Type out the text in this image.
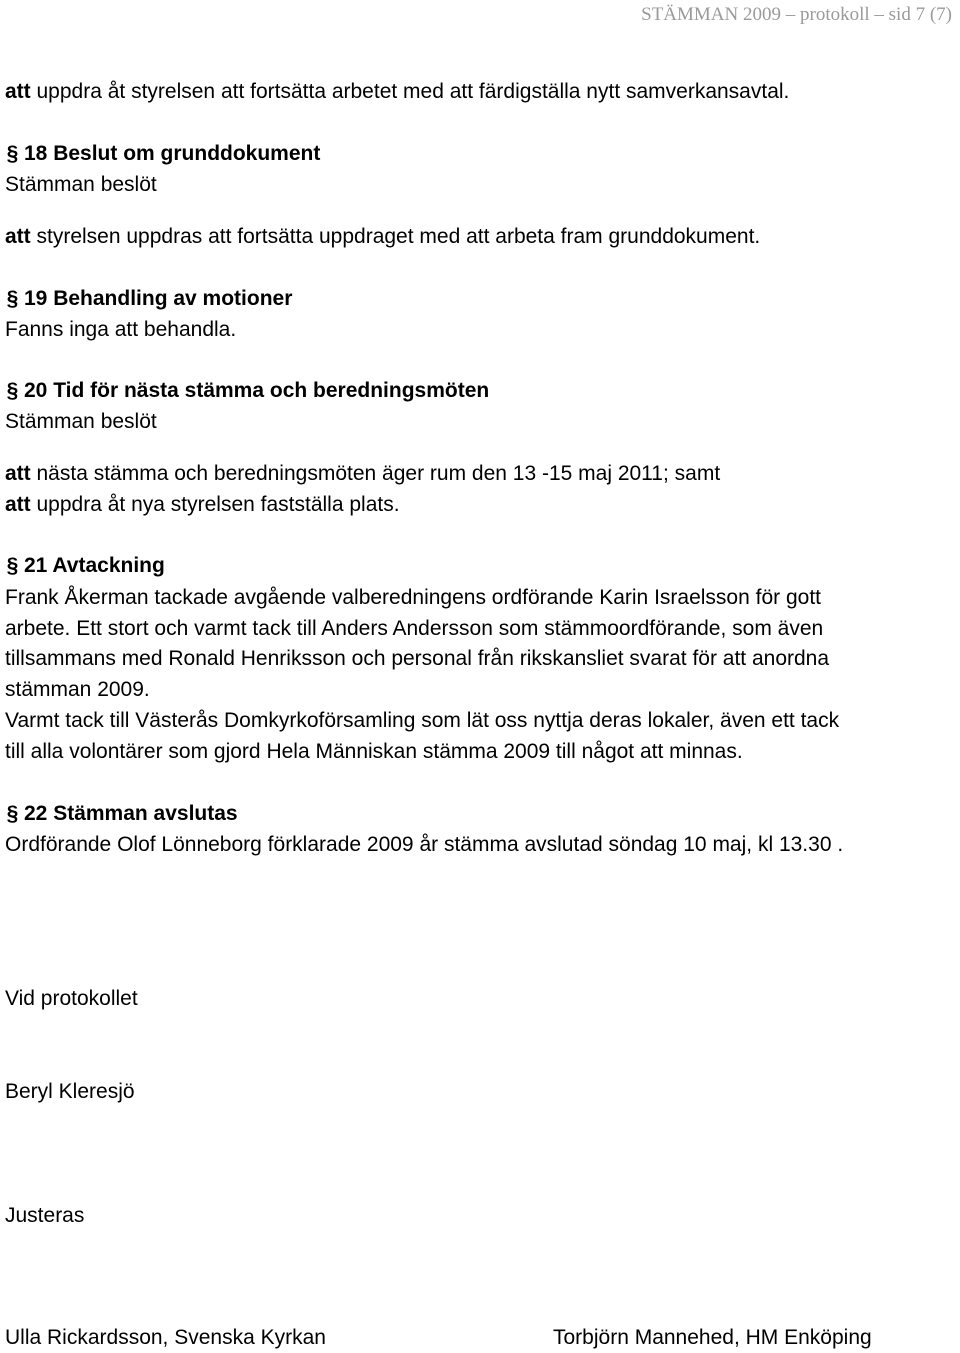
STÄMMAN 2009 – protokoll – sid 7 (7)
att uppdra åt styrelsen att fortsätta arbetet med att färdigställa nytt samverkansavtal.
§ 18 Beslut om grunddokument
Stämman beslöt
att styrelsen uppdras att fortsätta uppdraget med att arbeta fram grunddokument.
§ 19 Behandling av motioner
Fanns inga att behandla.
§ 20 Tid för nästa stämma och beredningsmöten
Stämman beslöt
att nästa stämma och beredningsmöten äger rum den 13 -15 maj 2011; samt
att uppdra åt nya styrelsen fastställa plats.
§ 21 Avtackning
Frank Åkerman tackade avgående valberedningens ordförande Karin Israelsson för gott
arbete. Ett stort och varmt tack till Anders Andersson som stämmoordförande, som även
tillsammans med Ronald Henriksson och personal från rikskansliet svarat för att anordna
stämman 2009.
Varmt tack till Västerås Domkyrkoförsamling som lät oss nyttja deras lokaler, även ett tack
till alla volontärer som gjord Hela Människan stämma 2009 till något att minnas.
§ 22 Stämman avslutas
Ordförande Olof Lönneborg förklarade 2009 år stämma avslutad söndag 10 maj, kl 13.30 .
Vid protokollet
Beryl Kleresjö
Justeras
Ulla Rickardsson, Svenska Kyrkan	Torbjörn Mannehed, HM Enköping
